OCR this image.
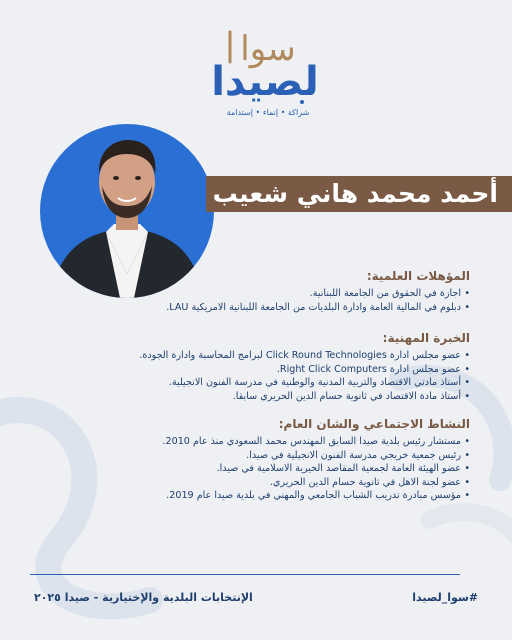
سوا
لصيدا
شراكة • إنماء • إستدامة
أحمد محمد هاني شعيب
المؤهلات العلمية:
• اجازة في الحقوق من الجامعة اللبنانية.
• دبلوم في المالية العامة وادارة البلديات من الجامعة اللبنانية الامريكية LAU.
الخبرة المهنية:
• عضو مجلس ادارة Click Round Technologies لبرامج المحاسبة وادارة الجودة.
• عضو مجلس ادارة Right Click Computers.
• أستاذ مادتي الاقتصاد والتربية المدنية والوطنية في مدرسة الفنون الانجيلية.
• أستاذ مادة الاقتصاد في ثانوية حسام الدين الحريري سابقا.
النشاط الاجتماعي والشان العام:
• مستشار رئيس بلدية صيدا السابق المهندس محمد السعودي منذ عام 2010.
• رئيس جمعية خريجي مدرسة الفنون الانجيلية في صيدا.
• عضو الهيئة العامة لجمعية المقاصد الخيرية الاسلامية في صيدا.
• عضو لجنة الاهل في ثانوية حسام الدين الحريري.
• مؤسس مبادرة تدريب الشباب الجامعي والمهني في بلدية صيدا عام 2019.
الإنتخابات البلدية والإختيارية - صيدا ٢٠٢٥	#سوا_لصيدا
